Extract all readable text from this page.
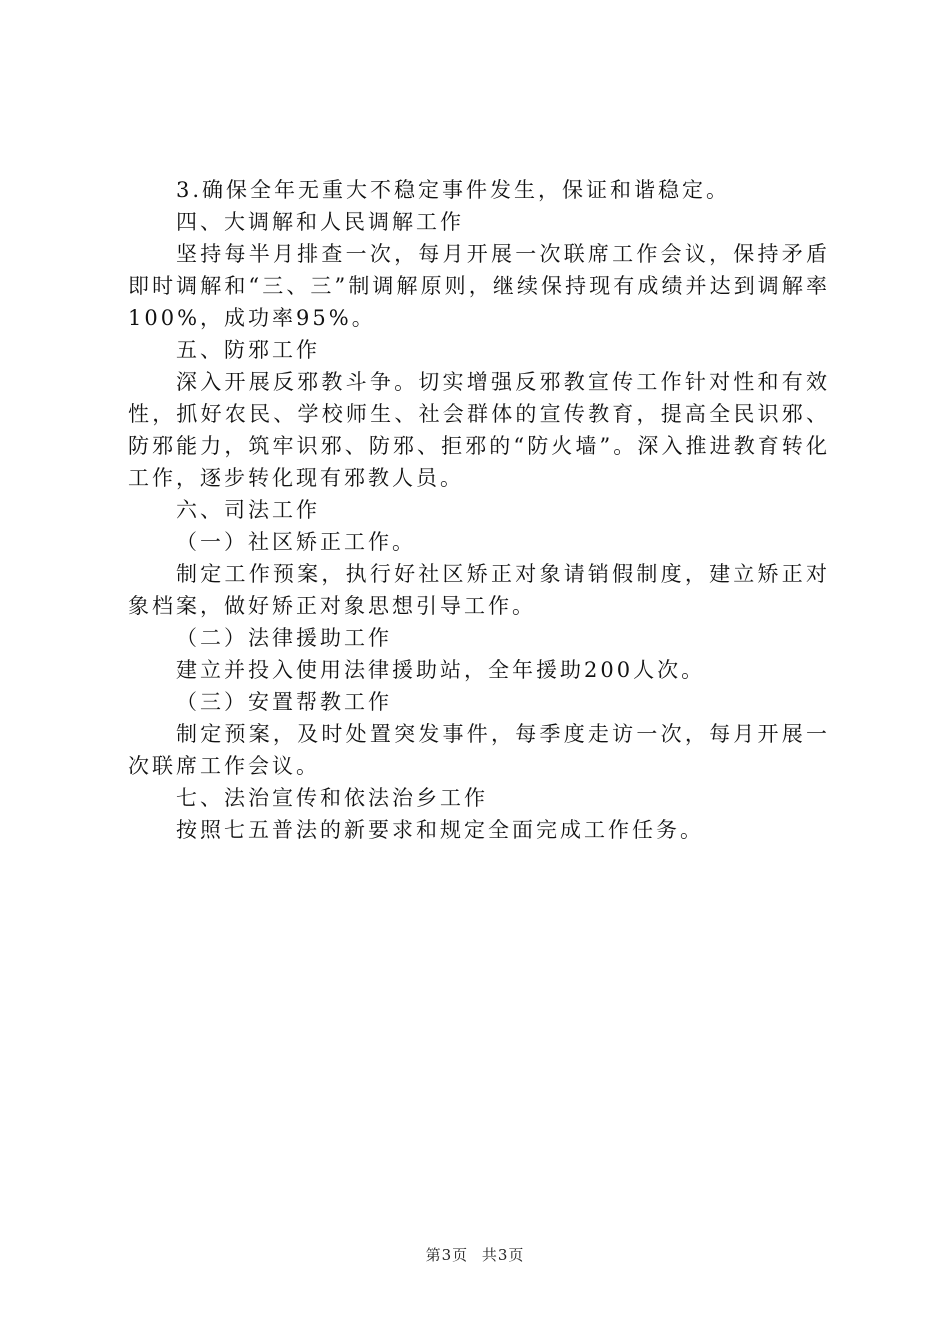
3.确保全年无重大不稳定事件发生，保证和谐稳定。

四、大调解和人民调解工作

坚持每半月排查一次，每月开展一次联席工作会议，保持矛盾即时调解和“三、三”制调解原则，继续保持现有成绩并达到调解率100%，成功率95%。

五、防邪工作

深入开展反邪教斗争。切实增强反邪教宣传工作针对性和有效性，抓好农民、学校师生、社会群体的宣传教育，提高全民识邪、防邪能力，筑牢识邪、防邪、拒邪的“防火墙”。深入推进教育转化工作，逐步转化现有邪教人员。

六、司法工作

（一）社区矫正工作。

制定工作预案，执行好社区矫正对象请销假制度，建立矫正对象档案，做好矫正对象思想引导工作。

（二）法律援助工作

建立并投入使用法律援助站，全年援助200人次。

（三）安置帮教工作

制定预案，及时处置突发事件，每季度走访一次，每月开展一次联席工作会议。

七、法治宣传和依法治乡工作

按照七五普法的新要求和规定全面完成工作任务。

第3页 共3页
